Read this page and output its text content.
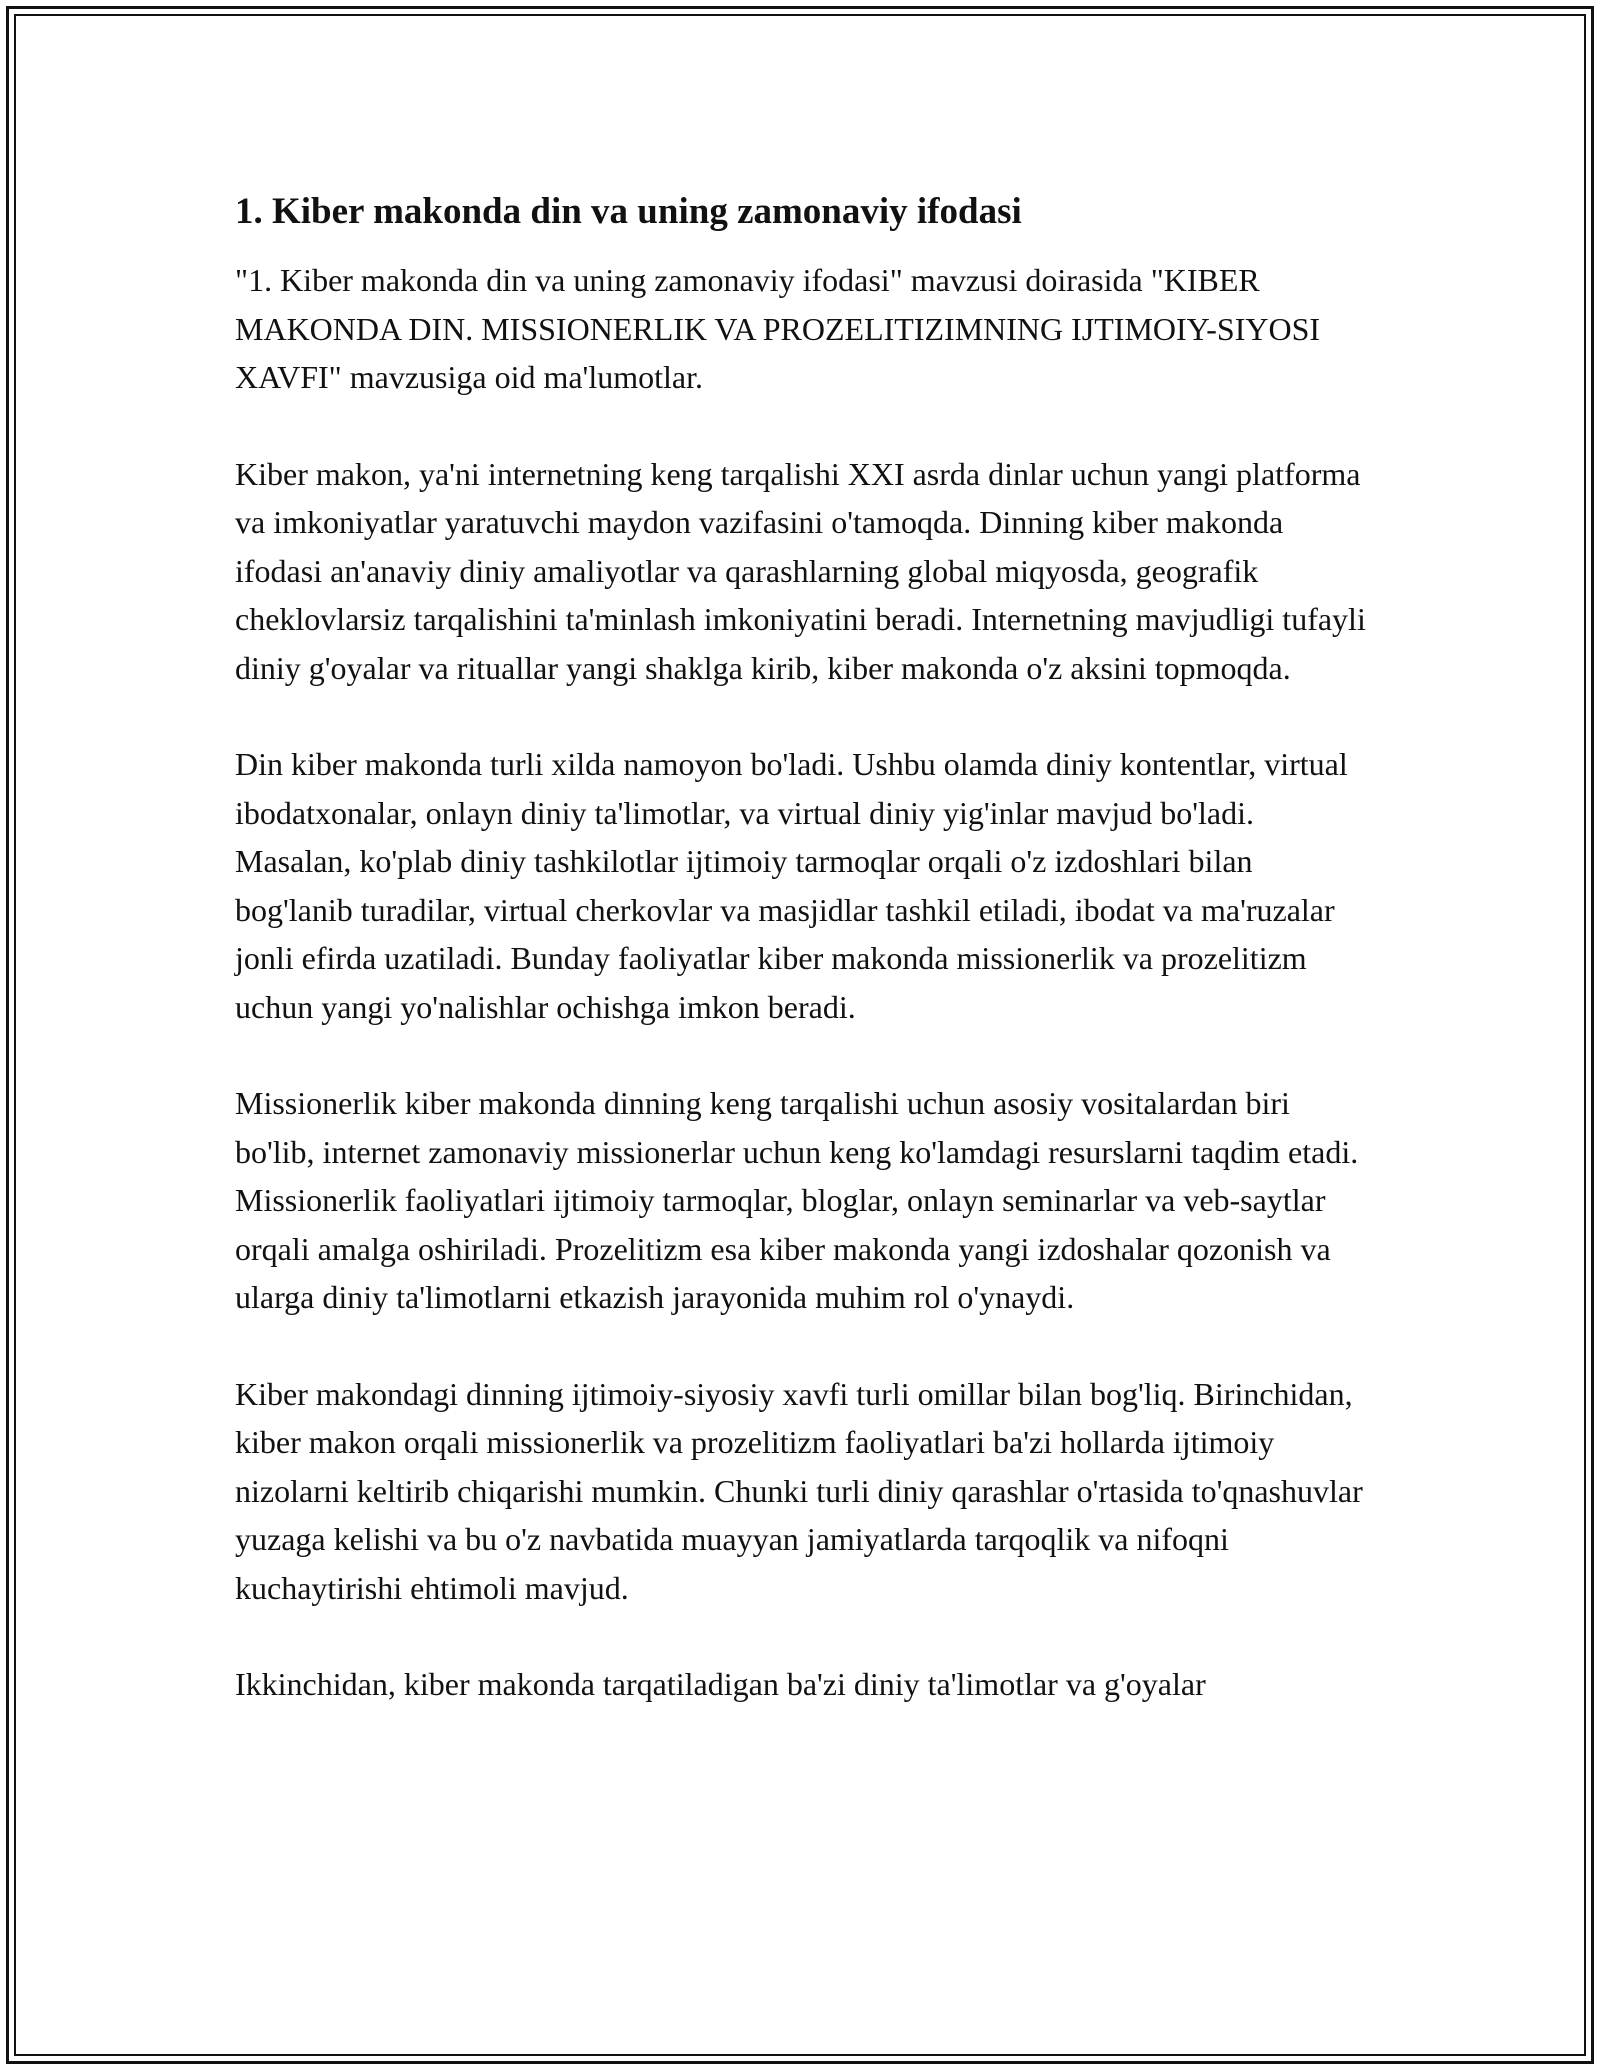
1. Kiber makonda din va uning zamonaviy ifodasi

"1. Kiber makonda din va uning zamonaviy ifodasi" mavzusi doirasida "KIBER MAKONDA DIN. MISSIONERLIK VA PROZELITIZIMNING IJTIMOIY-SIYOSI XAVFI" mavzusiga oid ma'lumotlar.

Kiber makon, ya'ni internetning keng tarqalishi XXI asrda dinlar uchun yangi platforma va imkoniyatlar yaratuvchi maydon vazifasini o'tamoqda. Dinning kiber makonda ifodasi an'anaviy diniy amaliyotlar va qarashlarning global miqyosda, geografik cheklovlarsiz tarqalishini ta'minlash imkoniyatini beradi. Internetning mavjudligi tufayli diniy g'oyalar va rituallar yangi shaklga kirib, kiber makonda o'z aksini topmoqda.

Din kiber makonda turli xilda namoyon bo'ladi. Ushbu olamda diniy kontentlar, virtual ibodatxonalar, onlayn diniy ta'limotlar, va virtual diniy yig'inlar mavjud bo'ladi. Masalan, ko'plab diniy tashkilotlar ijtimoiy tarmoqlar orqali o'z izdoshlari bilan bog'lanib turadilar, virtual cherkovlar va masjidlar tashkil etiladi, ibodat va ma'ruzalar jonli efirda uzatiladi. Bunday faoliyatlar kiber makonda missionerlik va prozelitizm uchun yangi yo'nalishlar ochishga imkon beradi.

Missionerlik kiber makonda dinning keng tarqalishi uchun asosiy vositalardan biri bo'lib, internet zamonaviy missionerlar uchun keng ko'lamdagi resurslarni taqdim etadi. Missionerlik faoliyatlari ijtimoiy tarmoqlar, bloglar, onlayn seminarlar va veb-saytlar orqali amalga oshiriladi. Prozelitizm esa kiber makonda yangi izdoshalar qozonish va ularga diniy ta'limotlarni etkazish jarayonida muhim rol o'ynaydi.

Kiber makondagi dinning ijtimoiy-siyosiy xavfi turli omillar bilan bog'liq. Birinchidan, kiber makon orqali missionerlik va prozelitizm faoliyatlari ba'zi hollarda ijtimoiy nizolarni keltirib chiqarishi mumkin. Chunki turli diniy qarashlar o'rtasida to'qnashuvlar yuzaga kelishi va bu o'z navbatida muayyan jamiyatlarda tarqoqlik va nifoqni kuchaytirishi ehtimoli mavjud.

Ikkinchidan, kiber makonda tarqatiladigan ba'zi diniy ta'limotlar va g'oyalar
